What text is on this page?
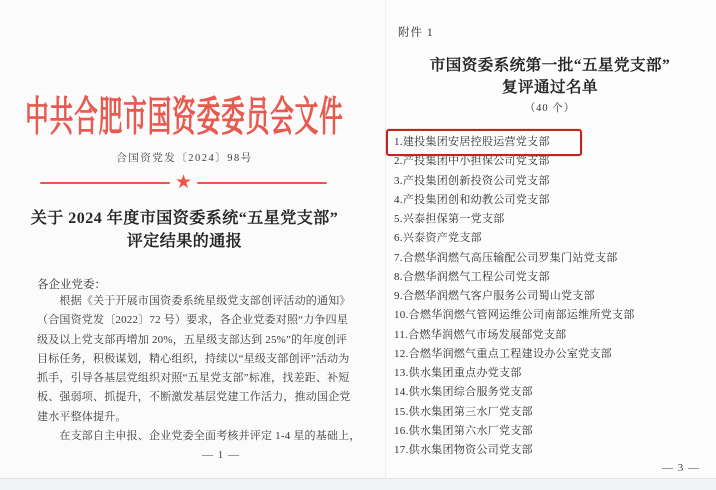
中共合肥市国资委委员会文件
合国资党发〔2024〕98号
★
关于 2024 年度市国资委系统“五星党支部”
评定结果的通报
各企业党委：
　　根据《关于开展市国资委系统星级党支部创评活动的通知》
（合国资党发〔2022〕72 号）要求，各企业党委对照“力争四星
级及以上党支部再增加 20%，五星级支部达到 25%”的年度创评
目标任务，积极谋划，精心组织，持续以“星级支部创评”活动为
抓手，引导各基层党组织对照“五星党支部”标准，找差距、补短
板、强弱项、抓提升，不断激发基层党建工作活力，推动国企党
建水平整体提升。
　　在支部自主申报、企业党委全面考核并评定 1-4 星的基础上，
— 1 —
附件 1
市国资委系统第一批“五星党支部”
复评通过名单
（40 个）
1.建投集团安居控股运营党支部
2.产投集团中小担保公司党支部
3.产投集团创新投资公司党支部
4.产投集团创和幼教公司党支部
5.兴泰担保第一党支部
6.兴泰资产党支部
7.合燃华润燃气高压输配公司罗集门站党支部
8.合燃华润燃气工程公司党支部
9.合燃华润燃气客户服务公司蜀山党支部
10.合燃华润燃气管网运维公司南部运维所党支部
11.合燃华润燃气市场发展部党支部
12.合燃华润燃气重点工程建设办公室党支部
13.供水集团重点办党支部
14.供水集团综合服务党支部
15.供水集团第三水厂党支部
16.供水集团第六水厂党支部
17.供水集团物资公司党支部
— 3 —
